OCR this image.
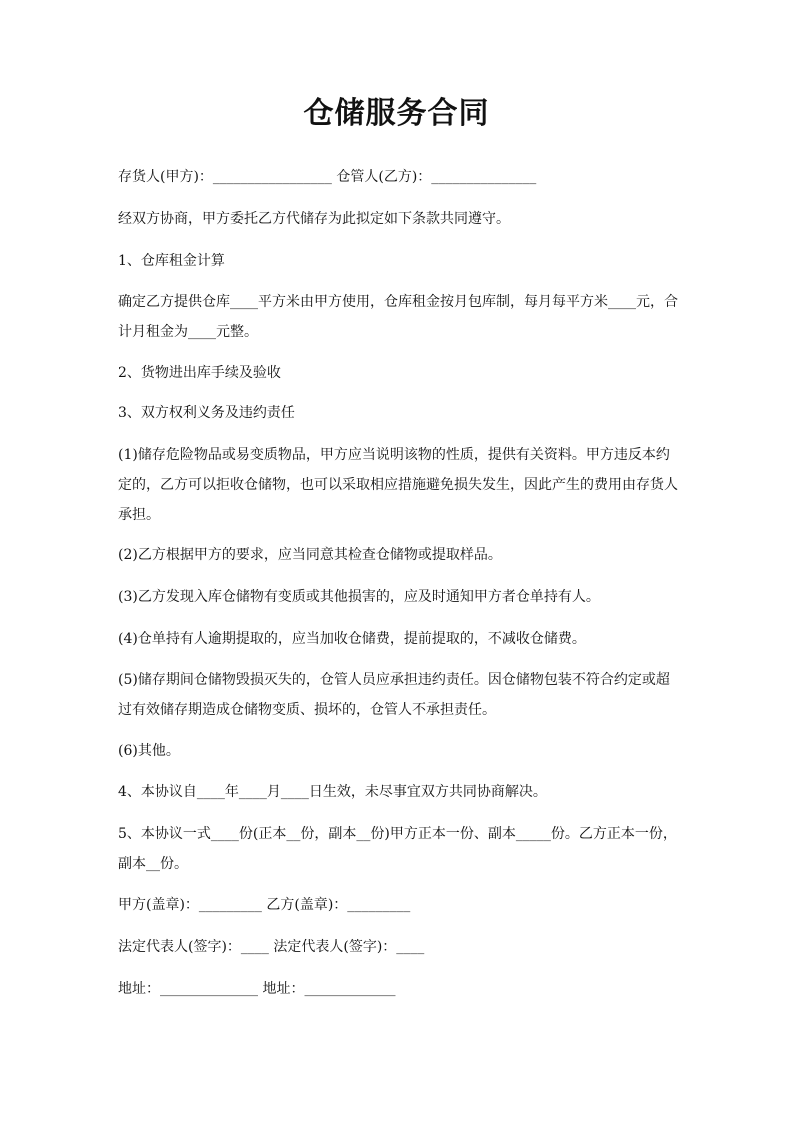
仓储服务合同
存货人(甲方)：_________________ 仓管人(乙方)：_______________
经双方协商，甲方委托乙方代储存为此拟定如下条款共同遵守。
1、仓库租金计算
确定乙方提供仓库____平方米由甲方使用，仓库租金按月包库制，每月每平方米____元，合计月租金为____元整。
2、货物进出库手续及验收
3、双方权利义务及违约责任
(1)储存危险物品或易变质物品，甲方应当说明该物的性质，提供有关资料。甲方违反本约定的，乙方可以拒收仓储物，也可以采取相应措施避免损失发生，因此产生的费用由存货人承担。
(2)乙方根据甲方的要求，应当同意其检查仓储物或提取样品。
(3)乙方发现入库仓储物有变质或其他损害的，应及时通知甲方者仓单持有人。
(4)仓单持有人逾期提取的，应当加收仓储费，提前提取的，不减收仓储费。
(5)储存期间仓储物毁损灭失的，仓管人员应承担违约责任。因仓储物包装不符合约定或超过有效储存期造成仓储物变质、损坏的，仓管人不承担责任。
(6)其他。
4、本协议自____年____月____日生效，未尽事宜双方共同协商解决。
5、本协议一式____份(正本__份，副本__份)甲方正本一份、副本_____份。乙方正本一份，副本__份。
甲方(盖章)：_________ 乙方(盖章)：_________
法定代表人(签字)：____ 法定代表人(签字)：____
地址：______________ 地址：_____________
